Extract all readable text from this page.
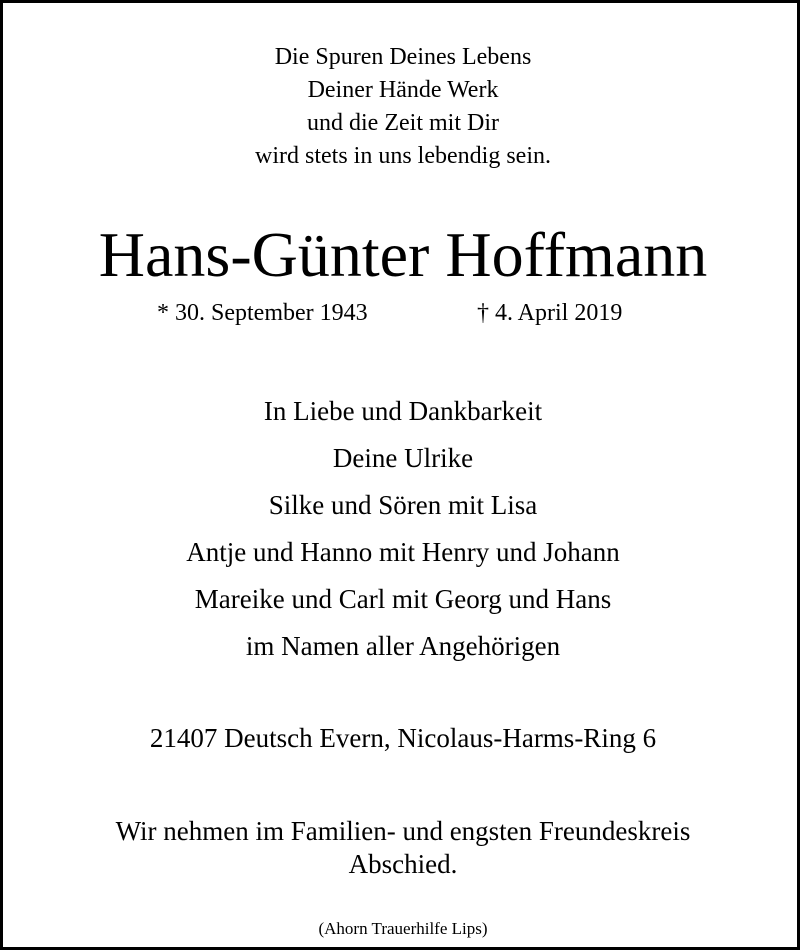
Die Spuren Deines Lebens
Deiner Hände Werk
und die Zeit mit Dir
wird stets in uns lebendig sein.
Hans-Günter Hoffmann
* 30. September 1943	† 4. April 2019
In Liebe und Dankbarkeit
Deine Ulrike
Silke und Sören mit Lisa
Antje und Hanno mit Henry und Johann
Mareike und Carl mit Georg und Hans
im Namen aller Angehörigen
21407 Deutsch Evern, Nicolaus-Harms-Ring 6
Wir nehmen im Familien- und engsten Freundeskreis
Abschied.
(Ahorn Trauerhilfe Lips)
